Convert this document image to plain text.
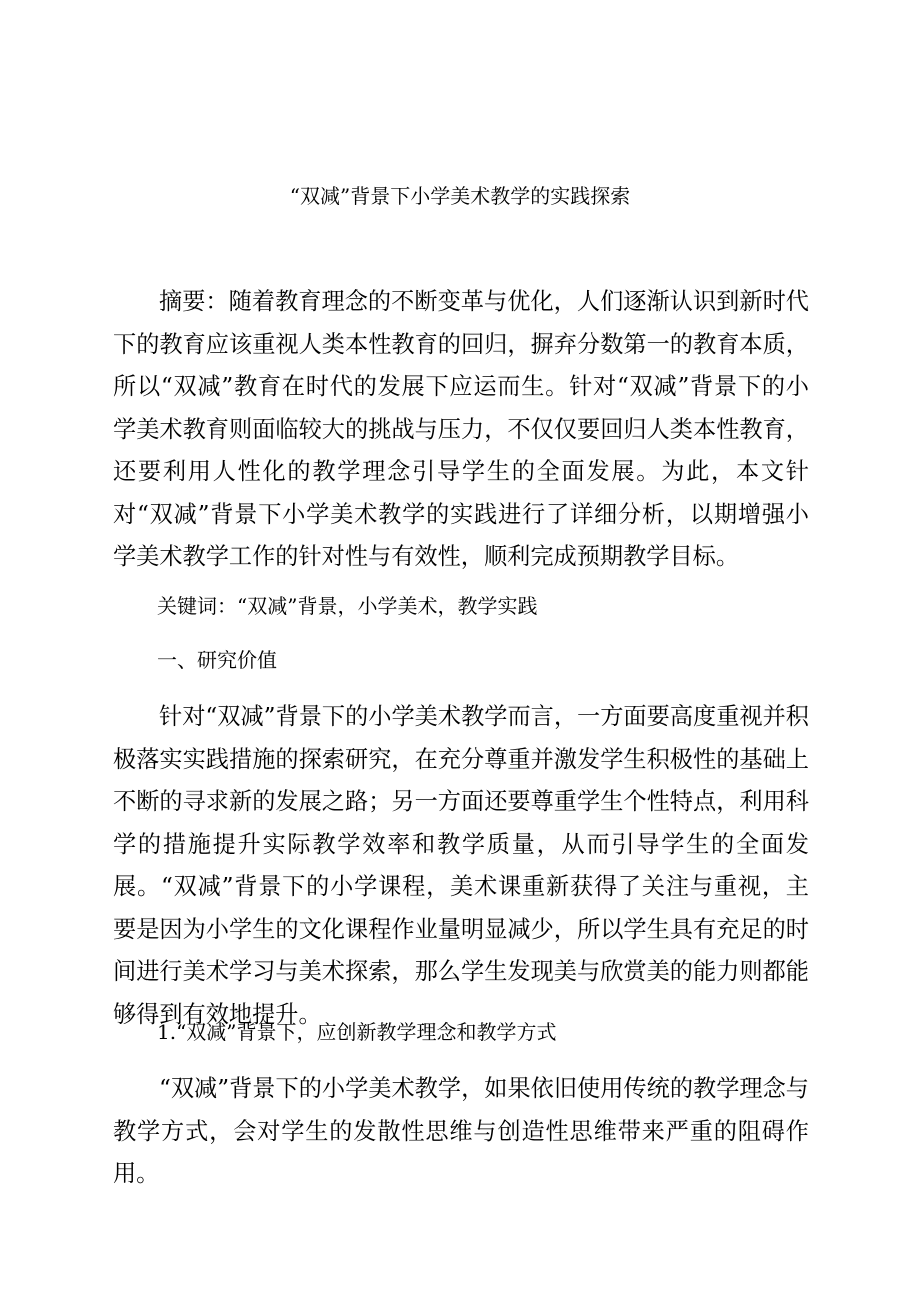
“双减”背景下小学美术教学的实践探索

摘要：随着教育理念的不断变革与优化，人们逐渐认识到新时代下的教育应该重视人类本性教育的回归，摒弃分数第一的教育本质，所以“双减”教育在时代的发展下应运而生。针对“双减”背景下的小学美术教育则面临较大的挑战与压力，不仅仅要回归人类本性教育，还要利用人性化的教学理念引导学生的全面发展。为此，本文针对“双减”背景下小学美术教学的实践进行了详细分析，以期增强小学美术教学工作的针对性与有效性，顺利完成预期教学目标。

关键词：“双减”背景，小学美术，教学实践

一、研究价值

针对“双减”背景下的小学美术教学而言，一方面要高度重视并积极落实实践措施的探索研究，在充分尊重并激发学生积极性的基础上不断的寻求新的发展之路；另一方面还要尊重学生个性特点，利用科学的措施提升实际教学效率和教学质量，从而引导学生的全面发展。“双减”背景下的小学课程，美术课重新获得了关注与重视，主要是因为小学生的文化课程作业量明显减少，所以学生具有充足的时间进行美术学习与美术探索，那么学生发现美与欣赏美的能力则都能够得到有效地提升。

1.“双减”背景下，应创新教学理念和教学方式

“双减”背景下的小学美术教学，如果依旧使用传统的教学理念与教学方式，会对学生的发散性思维与创造性思维带来严重的阻碍作用。
